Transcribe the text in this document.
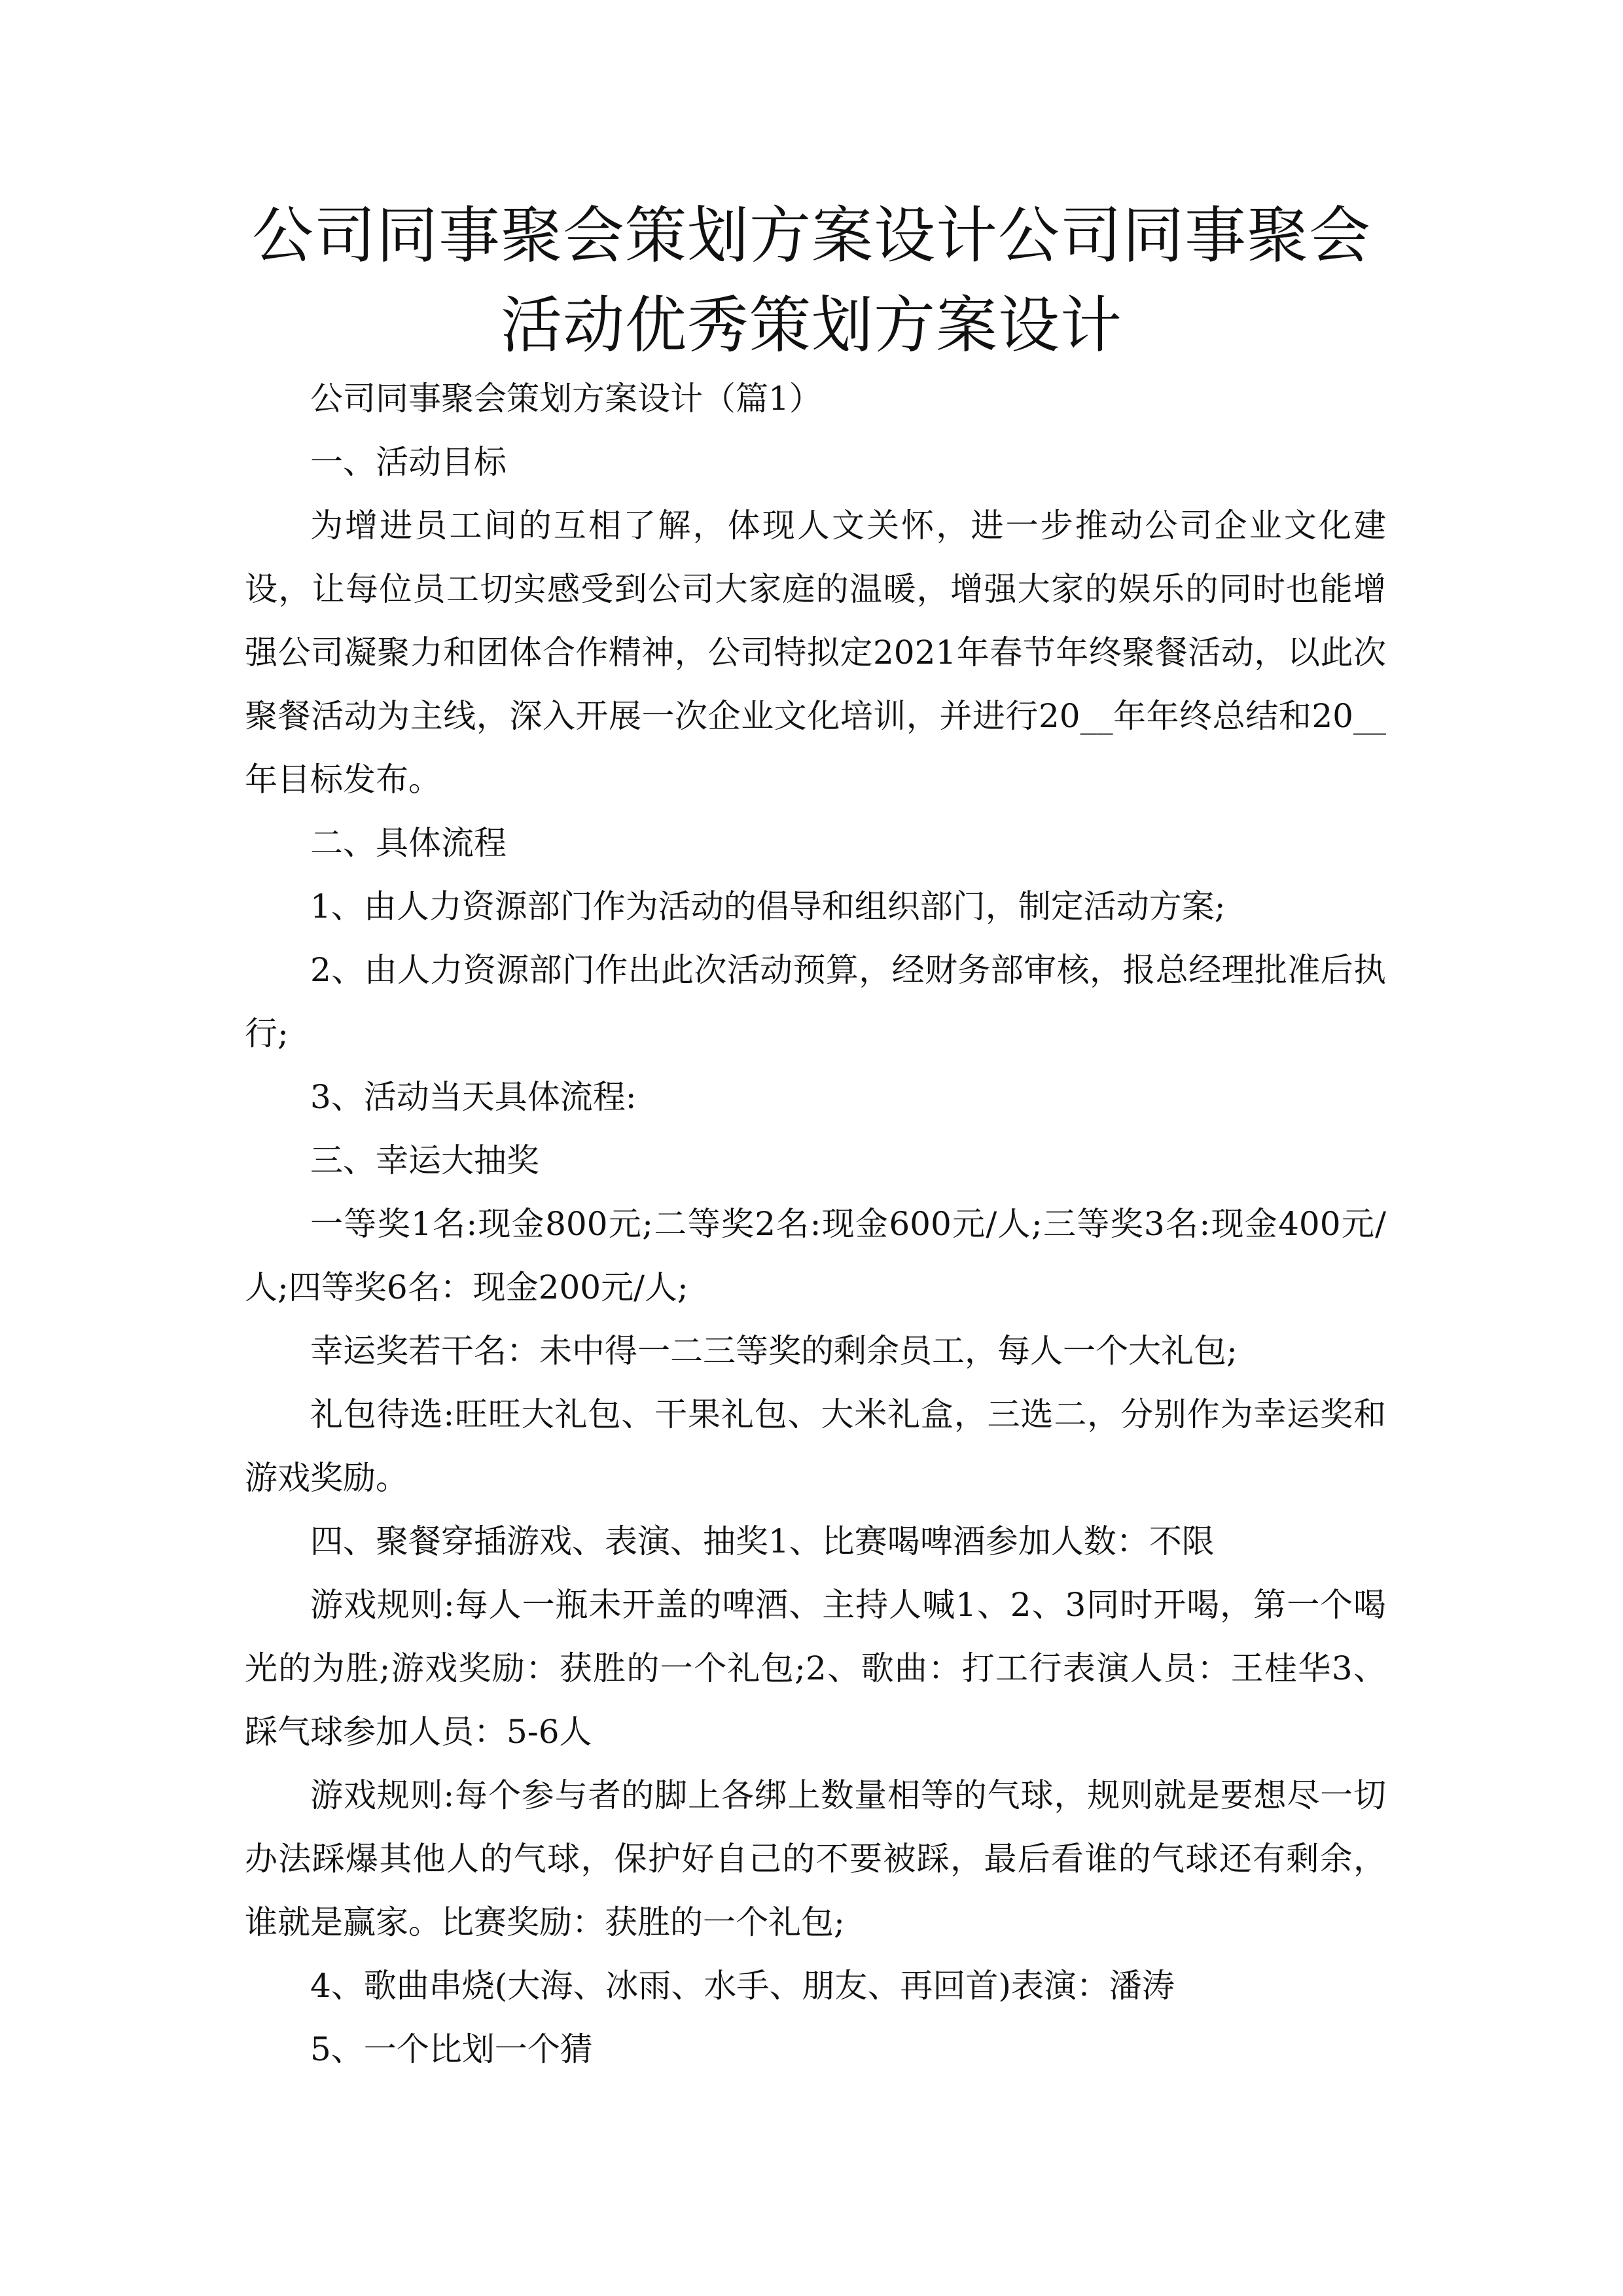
公司同事聚会策划方案设计公司同事聚会活动优秀策划方案设计

公司同事聚会策划方案设计（篇1）

一、活动目标

为增进员工间的互相了解，体现人文关怀，进一步推动公司企业文化建设，让每位员工切实感受到公司大家庭的温暖，增强大家的娱乐的同时也能增强公司凝聚力和团体合作精神，公司特拟定2021年春节年终聚餐活动，以此次聚餐活动为主线，深入开展一次企业文化培训，并进行20__年年终总结和20__年目标发布。

二、具体流程

1、由人力资源部门作为活动的倡导和组织部门，制定活动方案;

2、由人力资源部门作出此次活动预算，经财务部审核，报总经理批准后执行;

3、活动当天具体流程:

三、幸运大抽奖

一等奖1名:现金800元;二等奖2名:现金600元/人;三等奖3名:现金400元/人;四等奖6名：现金200元/人;

幸运奖若干名：未中得一二三等奖的剩余员工，每人一个大礼包;

礼包待选:旺旺大礼包、干果礼包、大米礼盒，三选二，分别作为幸运奖和游戏奖励。

四、聚餐穿插游戏、表演、抽奖1、比赛喝啤酒参加人数：不限

游戏规则:每人一瓶未开盖的啤酒、主持人喊1、2、3同时开喝，第一个喝光的为胜;游戏奖励：获胜的一个礼包;2、歌曲：打工行表演人员：王桂华3、踩气球参加人员：5-6人

游戏规则:每个参与者的脚上各绑上数量相等的气球，规则就是要想尽一切办法踩爆其他人的气球，保护好自己的不要被踩，最后看谁的气球还有剩余，谁就是赢家。比赛奖励：获胜的一个礼包;

4、歌曲串烧(大海、冰雨、水手、朋友、再回首)表演：潘涛

5、一个比划一个猜
